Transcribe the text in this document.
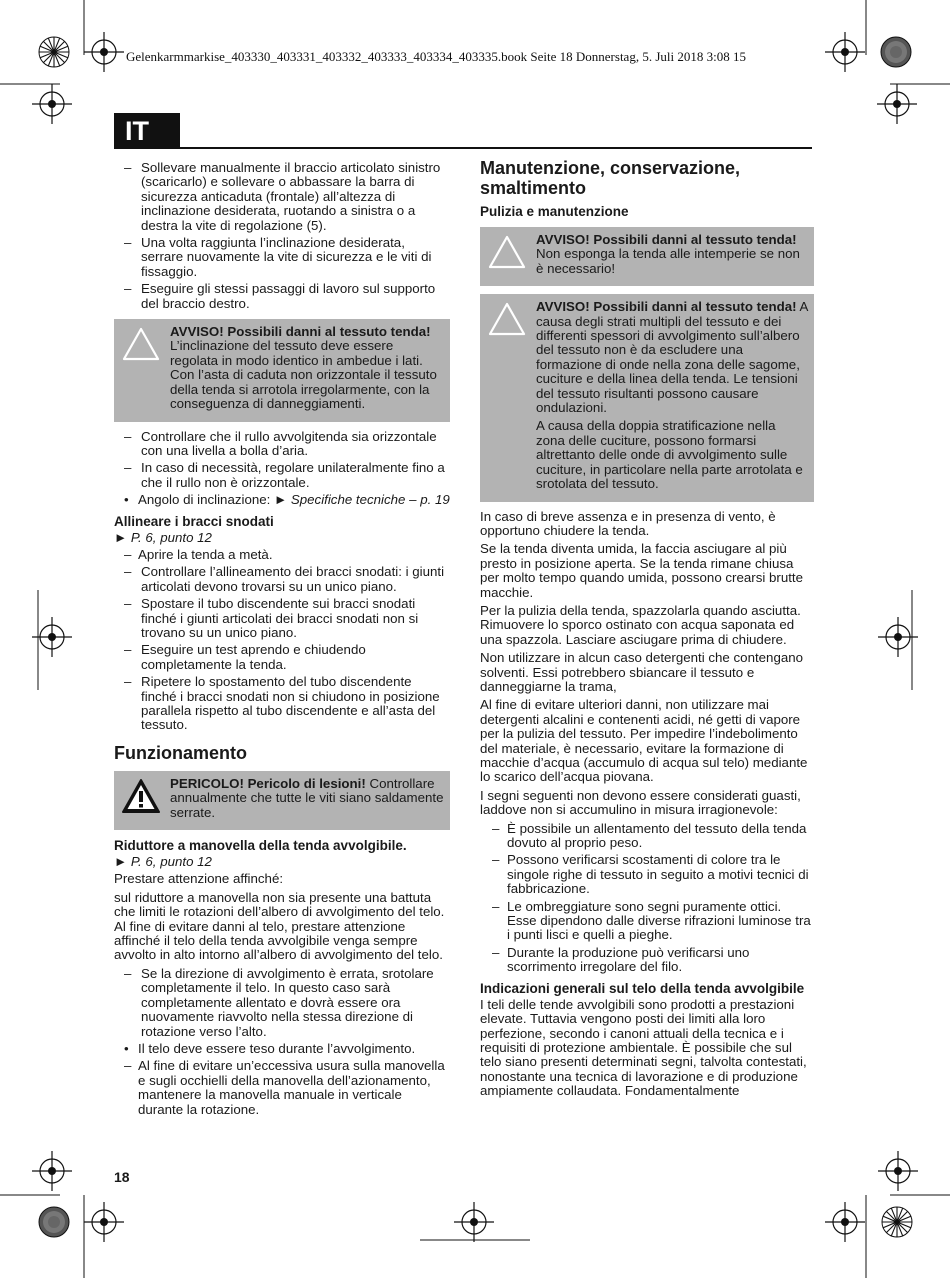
Gelenkarmmarkise_403330_403331_403332_403333_403334_403335.book Seite 18 Donnerstag, 5. Juli 2018 3:08 15
IT
– Sollevare manualmente il braccio articolato sinistro (scaricarlo) e sollevare o abbassare la barra di sicurezza anticaduta (frontale) all’altezza di inclinazione desiderata, ruotando a sinistra o a destra la vite di regolazione (5).
– Una volta raggiunta l’inclinazione desiderata, serrare nuovamente la vite di sicurezza e le viti di fissaggio.
– Eseguire gli stessi passaggi di lavoro sul supporto del braccio destro.

AVVISO! Possibili danni al tessuto tenda! L’inclinazione del tessuto deve essere regolata in modo identico in ambedue i lati. Con l’asta di caduta non orizzontale il tessuto della tenda si arrotola irregolarmente, con la conseguenza di danneggiamenti.

– Controllare che il rullo avvolgitenda sia orizzontale con una livella a bolla d’aria.
– In caso di necessità, regolare unilateralmente fino a che il rullo non è orizzontale.
• Angolo di inclinazione: ► Specifiche tecniche – p. 19
Allineare i bracci snodati
► P. 6, punto 12
– Aprire la tenda a metà.
– Controllare l’allineamento dei bracci snodati: i giunti articolati devono trovarsi su un unico piano.
– Spostare il tubo discendente sui bracci snodati finché i giunti articolati dei bracci snodati non si trovano su un unico piano.
– Eseguire un test aprendo e chiudendo completamente la tenda.
– Ripetere lo spostamento del tubo discendente finché i bracci snodati non si chiudono in posizione parallela rispetto al tubo discendente e all’asta del tessuto.
Funzionamento

PERICOLO! Pericolo di lesioni! Controllare annualmente che tutte le viti siano saldamente serrate.

Riduttore a manovella della tenda avvolgibile.
► P. 6, punto 12

Prestare attenzione affinché:

sul riduttore a manovella non sia presente una battuta che limiti le rotazioni dell’albero di avvolgimento del telo. Al fine di evitare danni al telo, prestare attenzione affinché il telo della tenda avvolgibile venga sempre avvolto in alto intorno all’albero di avvolgimento del telo.

– Se la direzione di avvolgimento è errata, srotolare completamente il telo. In questo caso sarà completamente allentato e dovrà essere ora nuovamente riavvolto nella stessa direzione di rotazione verso l’alto.
• Il telo deve essere teso durante l’avvolgimento.
– Al fine di evitare un’eccessiva usura sulla manovella e sugli occhielli della manovella dell’azionamento, mantenere la manovella manuale in verticale durante la rotazione.
Manutenzione, conservazione, smaltimento
Pulizia e manutenzione

AVVISO! Possibili danni al tessuto tenda! Non esponga la tenda alle intemperie se non è necessario!

AVVISO! Possibili danni al tessuto tenda! A causa degli strati multipli del tessuto e dei differenti spessori di avvolgimento sull’albero del tessuto non è da escludere una formazione di onde nella zona delle sagome, cuciture e della linea della tenda. Le tensioni del tessuto risultanti possono causare ondulazioni.

A causa della doppia stratificazione nella zona delle cuciture, possono formarsi altrettanto delle onde di avvolgimento sulle cuciture, in particolare nella parte arrotolata e srotolata del tessuto.

In caso di breve assenza e in presenza di vento, è opportuno chiudere la tenda.

Se la tenda diventa umida, la faccia asciugare al più presto in posizione aperta. Se la tenda rimane chiusa per molto tempo quando umida, possono crearsi brutte macchie.

Per la pulizia della tenda, spazzolarla quando asciutta. Rimuovere lo sporco ostinato con acqua saponata ed una spazzola. Lasciare asciugare prima di chiudere.

Non utilizzare in alcun caso detergenti che contengano solventi. Essi potrebbero sbiancare il tessuto e danneggiarne la trama,

Al fine di evitare ulteriori danni, non utilizzare mai detergenti alcalini e contenenti acidi, né getti di vapore per la pulizia del tessuto. Per impedire l’indebolimento del materiale, è necessario, evitare la formazione di macchie d’acqua (accumulo di acqua sul telo) mediante lo scarico dell’acqua piovana.

I segni seguenti non devono essere considerati guasti, laddove non si accumulino in misura irragionevole:

– È possibile un allentamento del tessuto della tenda dovuto al proprio peso.
– Possono verificarsi scostamenti di colore tra le singole righe di tessuto in seguito a motivi tecnici di fabbricazione.
– Le ombreggiature sono segni puramente ottici. Esse dipendono dalle diverse rifrazioni luminose tra i punti lisci e quelli a pieghe.
– Durante la produzione può verificarsi uno scorrimento irregolare del filo.
Indicazioni generali sul telo della tenda avvolgibile

I teli delle tende avvolgibili sono prodotti a prestazioni elevate. Tuttavia vengono posti dei limiti alla loro perfezione, secondo i canoni attuali della tecnica e i requisiti di protezione ambientale. È possibile che sul telo siano presenti determinati segni, talvolta contestati, nonostante una tecnica di lavorazione e di produzione ampiamente collaudata. Fondamentalmente

18
